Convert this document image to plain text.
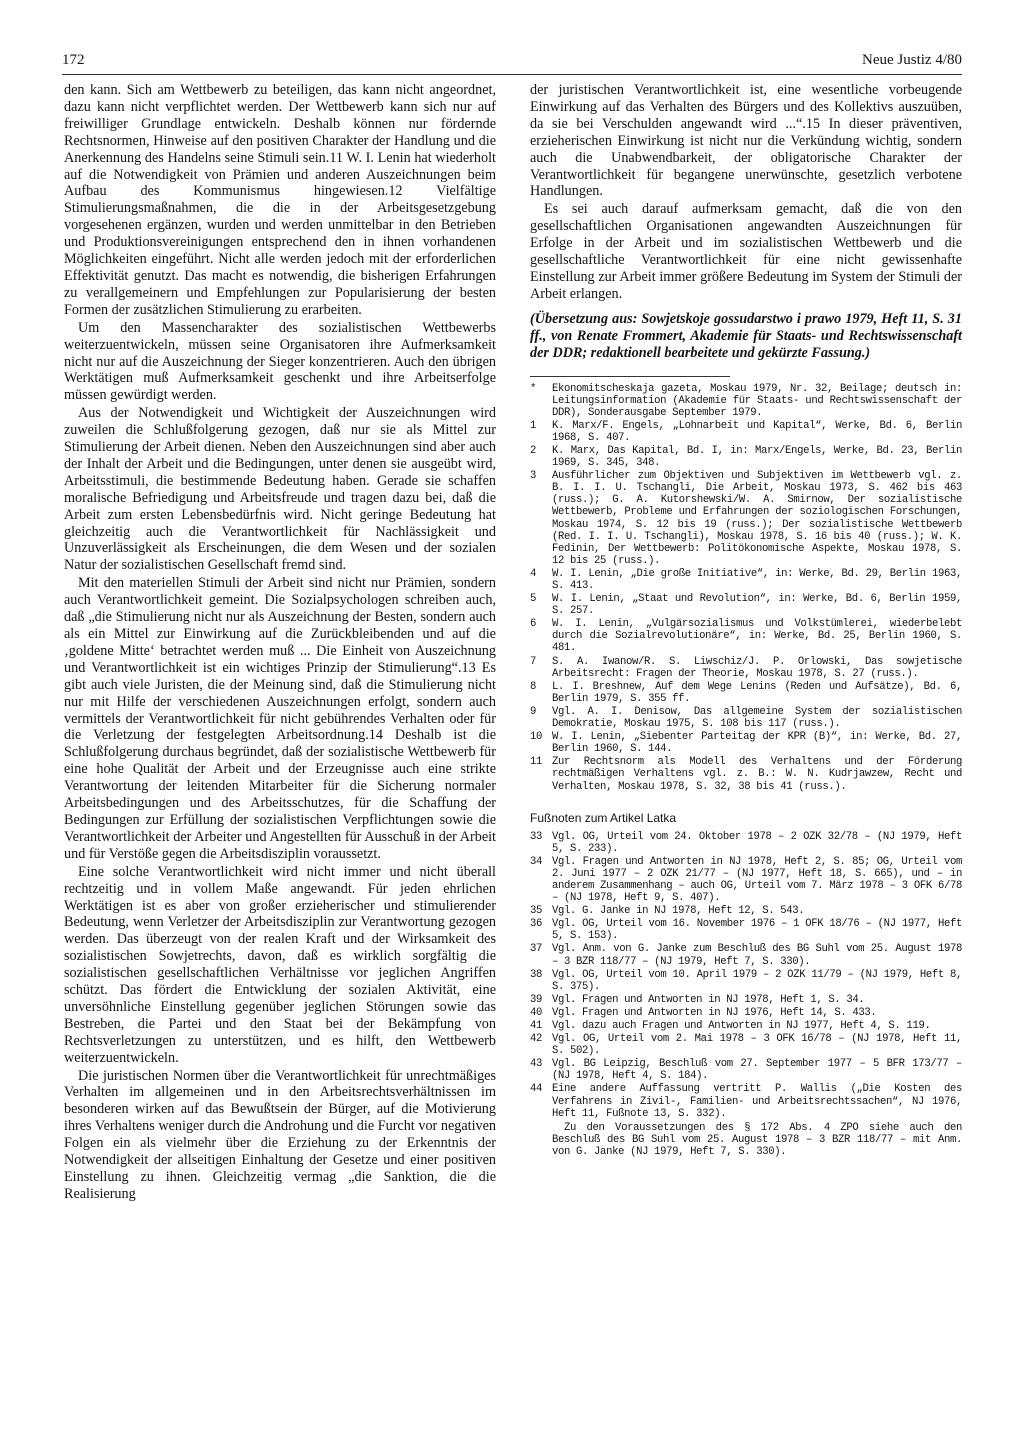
172	Neue Justiz 4/80

den kann. Sich am Wettbewerb zu beteiligen, das kann nicht angeordnet, dazu kann nicht verpflichtet werden. Der Wettbewerb kann sich nur auf freiwilliger Grundlage entwickeln. Deshalb können nur fördernde Rechtsnormen, Hinweise auf den positiven Charakter der Handlung und die Anerkennung des Handelns seine Stimuli sein.11 W. I. Lenin hat wiederholt auf die Notwendigkeit von Prämien und anderen Auszeichnungen beim Aufbau des Kommunismus hingewiesen.12 Vielfältige Stimulierungsmaßnahmen, die die in der Arbeitsgesetzgebung vorgesehenen ergänzen, wurden und werden unmittelbar in den Betrieben und Produktionsvereinigungen entsprechend den in ihnen vorhandenen Möglichkeiten eingeführt. Nicht alle werden jedoch mit der erforderlichen Effektivität genutzt. Das macht es notwendig, die bisherigen Erfahrungen zu verallgemeinern und Empfehlungen zur Popularisierung der besten Formen der zusätzlichen Stimulierung zu erarbeiten.

Um den Massencharakter des sozialistischen Wettbewerbs weiterzuentwickeln, müssen seine Organisatoren ihre Aufmerksamkeit nicht nur auf die Auszeichnung der Sieger konzentrieren. Auch den übrigen Werktätigen muß Aufmerksamkeit geschenkt und ihre Arbeitserfolge müssen gewürdigt werden.

Aus der Notwendigkeit und Wichtigkeit der Auszeichnungen wird zuweilen die Schlußfolgerung gezogen, daß nur sie als Mittel zur Stimulierung der Arbeit dienen. Neben den Auszeichnungen sind aber auch der Inhalt der Arbeit und die Bedingungen, unter denen sie ausgeübt wird, Arbeitsstimuli, die bestimmende Bedeutung haben. Gerade sie schaffen moralische Befriedigung und Arbeitsfreude und tragen dazu bei, daß die Arbeit zum ersten Lebensbedürfnis wird. Nicht geringe Bedeutung hat gleichzeitig auch die Verantwortlichkeit für Nachlässigkeit und Unzuverlässigkeit als Erscheinungen, die dem Wesen und der sozialen Natur der sozialistischen Gesellschaft fremd sind.

Mit den materiellen Stimuli der Arbeit sind nicht nur Prämien, sondern auch Verantwortlichkeit gemeint. Die Sozialpsychologen schreiben auch, daß „die Stimulierung nicht nur als Auszeichnung der Besten, sondern auch als ein Mittel zur Einwirkung auf die Zurückbleibenden und auf die ‚goldene Mitte‘ betrachtet werden muß ... Die Einheit von Auszeichnung und Verantwortlichkeit ist ein wichtiges Prinzip der Stimulierung“.13 Es gibt auch viele Juristen, die der Meinung sind, daß die Stimulierung nicht nur mit Hilfe der verschiedenen Auszeichnungen erfolgt, sondern auch vermittels der Verantwortlichkeit für nicht gebührendes Verhalten oder für die Verletzung der festgelegten Arbeitsordnung.14 Deshalb ist die Schlußfolgerung durchaus begründet, daß der sozialistische Wettbewerb für eine hohe Qualität der Arbeit und der Erzeugnisse auch eine strikte Verantwortung der leitenden Mitarbeiter für die Sicherung normaler Arbeitsbedingungen und des Arbeitsschutzes, für die Schaffung der Bedingungen zur Erfüllung der sozialistischen Verpflichtungen sowie die Verantwortlichkeit der Arbeiter und Angestellten für Ausschuß in der Arbeit und für Verstöße gegen die Arbeitsdisziplin voraussetzt.

Eine solche Verantwortlichkeit wird nicht immer und nicht überall rechtzeitig und in vollem Maße angewandt. Für jeden ehrlichen Werktätigen ist es aber von großer erzieherischer und stimulierender Bedeutung, wenn Verletzer der Arbeitsdisziplin zur Verantwortung gezogen werden. Das überzeugt von der realen Kraft und der Wirksamkeit des sozialistischen Sowjetrechts, davon, daß es wirklich sorgfältig die sozialistischen gesellschaftlichen Verhältnisse vor jeglichen Angriffen schützt. Das fördert die Entwicklung der sozialen Aktivität, eine unversöhnliche Einstellung gegenüber jeglichen Störungen sowie das Bestreben, die Partei und den Staat bei der Bekämpfung von Rechtsverletzungen zu unterstützen, und es hilft, den Wettbewerb weiterzuentwickeln.

Die juristischen Normen über die Verantwortlichkeit für unrechtmäßiges Verhalten im allgemeinen und in den Arbeitsrechtsverhältnissen im besonderen wirken auf das Bewußtsein der Bürger, auf die Motivierung ihres Verhaltens weniger durch die Androhung und die Furcht vor negativen Folgen ein als vielmehr über die Erziehung zu der Erkenntnis der Notwendigkeit der allseitigen Einhaltung der Gesetze und einer positiven Einstellung zu ihnen. Gleichzeitig vermag „die Sanktion, die die Realisierung

der juristischen Verantwortlichkeit ist, eine wesentliche vorbeugende Einwirkung auf das Verhalten des Bürgers und des Kollektivs auszuüben, da sie bei Verschulden angewandt wird ...“.15 In dieser präventiven, erzieherischen Einwirkung ist nicht nur die Verkündung wichtig, sondern auch die Unabwendbarkeit, der obligatorische Charakter der Verantwortlichkeit für begangene unerwünschte, gesetzlich verbotene Handlungen.

Es sei auch darauf aufmerksam gemacht, daß die von den gesellschaftlichen Organisationen angewandten Auszeichnungen für Erfolge in der Arbeit und im sozialistischen Wettbewerb und die gesellschaftliche Verantwortlichkeit für eine nicht gewissenhafte Einstellung zur Arbeit immer größere Bedeutung im System der Stimuli der Arbeit erlangen.

(Übersetzung aus: Sowjetskoje gossudarstwo i prawo 1979, Heft 11, S. 31 ff., von Renate Frommert, Akademie für Staats- und Rechtswissenschaft der DDR; redaktionell bearbeitete und gekürzte Fassung.)

*	Ekonomitscheskaja gazeta, Moskau 1979, Nr. 32, Beilage; deutsch in: Leitungsinformation (Akademie für Staats- und Rechtswissenschaft der DDR), Sonderausgabe September 1979.
1	K. Marx/F. Engels, „Lohnarbeit und Kapital“, Werke, Bd. 6, Berlin 1968, S. 407.
2	K. Marx, Das Kapital, Bd. I, in: Marx/Engels, Werke, Bd. 23, Berlin 1969, S. 345, 348.
3	Ausführlicher zum Objektiven und Subjektiven im Wettbewerb vgl. z. B. I. I. U. Tschangli, Die Arbeit, Moskau 1973, S. 462 bis 463 (russ.); G. A. Kutorshewski/W. A. Smirnow, Der sozialistische Wettbewerb, Probleme und Erfahrungen der soziologischen Forschungen, Moskau 1974, S. 12 bis 19 (russ.); Der sozialistische Wettbewerb (Red. I. I. U. Tschangli), Moskau 1978, S. 16 bis 40 (russ.); W. K. Fedinin, Der Wettbewerb: Politökonomische Aspekte, Moskau 1978, S. 12 bis 25 (russ.).
4	W. I. Lenin, „Die große Initiative“, in: Werke, Bd. 29, Berlin 1963, S. 413.
5	W. I. Lenin, „Staat und Revolution“, in: Werke, Bd. 6, Berlin 1959, S. 257.
6	W. I. Lenin, „Vulgärsozialismus und Volkstümlerei, wiederbelebt durch die Sozialrevolutionäre“, in: Werke, Bd. 25, Berlin 1960, S. 481.
7	S. A. Iwanow/R. S. Liwschiz/J. P. Orlowski, Das sowjetische Arbeitsrecht: Fragen der Theorie, Moskau 1978, S. 27 (russ.).
8	L. I. Breshnew, Auf dem Wege Lenins (Reden und Aufsätze), Bd. 6, Berlin 1979, S. 355 ff.
9	Vgl. A. I. Denisow, Das allgemeine System der sozialistischen Demokratie, Moskau 1975, S. 108 bis 117 (russ.).
10 W. I. Lenin, „Siebenter Parteitag der KPR (B)“, in: Werke, Bd. 27, Berlin 1960, S. 144.
11 Zur Rechtsnorm als Modell des Verhaltens und der Förderung rechtmäßigen Verhaltens vgl. z. B.: W. N. Kudrjawzew, Recht und Verhalten, Moskau 1978, S. 32, 38 bis 41 (russ.).
Fußnoten zum Artikel Latka
33 Vgl. OG, Urteil vom 24. Oktober 1978 – 2 OZK 32/78 – (NJ 1979, Heft 5, S. 233).
34 Vgl. Fragen und Antworten in NJ 1978, Heft 2, S. 85; OG, Urteil vom 2. Juni 1977 – 2 OZK 21/77 – (NJ 1977, Heft 18, S. 665), und – in anderem Zusammenhang – auch OG, Urteil vom 7. März 1978 – 3 OFK 6/78 – (NJ 1978, Heft 9, S. 407).
35 Vgl. G. Janke in NJ 1978, Heft 12, S. 543.
36 Vgl. OG, Urteil vom 16. November 1976 – 1 OFK 18/76 – (NJ 1977, Heft 5, S. 153).
37 Vgl. Anm. von G. Janke zum Beschluß des BG Suhl vom 25. August 1978 – 3 BZR 118/77 – (NJ 1979, Heft 7, S. 330).
38 Vgl. OG, Urteil vom 10. April 1979 – 2 OZK 11/79 – (NJ 1979, Heft 8, S. 375).
39 Vgl. Fragen und Antworten in NJ 1978, Heft 1, S. 34.
40 Vgl. Fragen und Antworten in NJ 1976, Heft 14, S. 433.
41 Vgl. dazu auch Fragen und Antworten in NJ 1977, Heft 4, S. 119.
42 Vgl. OG, Urteil vom 2. Mai 1978 – 3 OFK 16/78 – (NJ 1978, Heft 11, S. 502).
43 Vgl. BG Leipzig, Beschluß vom 27. September 1977 – 5 BFR 173/77 – (NJ 1978, Heft 4, S. 184).
44 Eine andere Auffassung vertritt P. Wallis („Die Kosten des Verfahrens in Zivil-, Familien- und Arbeitsrechtssachen“, NJ 1976, Heft 11, Fußnote 13, S. 332).

Zu den Voraussetzungen des § 172 Abs. 4 ZPO siehe auch den Beschluß des BG Suhl vom 25. August 1978 – 3 BZR 118/77 – mit Anm. von G. Janke (NJ 1979, Heft 7, S. 330).
